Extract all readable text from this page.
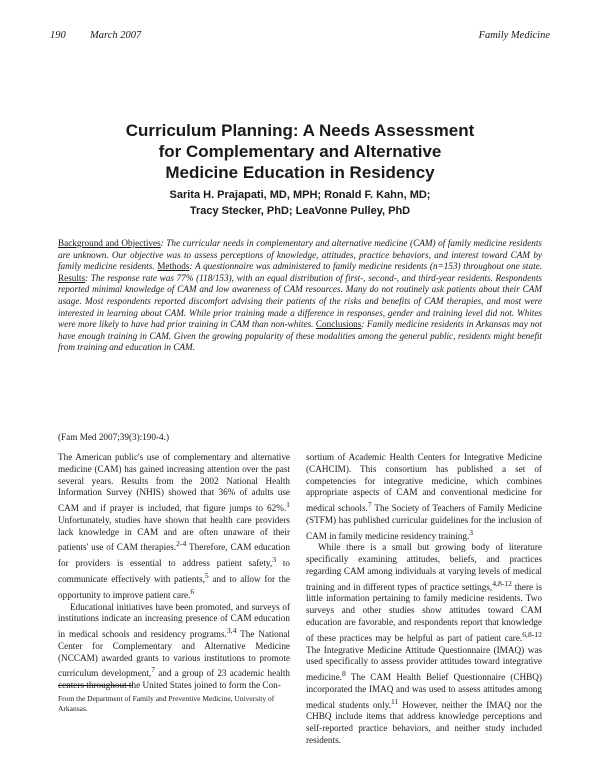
190 March 2007	Family Medicine
Curriculum Planning: A Needs Assessment
for Complementary and Alternative
Medicine Education in Residency
Sarita H. Prajapati, MD, MPH; Ronald F. Kahn, MD;
Tracy Stecker, PhD; LeaVonne Pulley, PhD
Background and Objectives: The curricular needs in complementary and alternative medicine (CAM) of family medicine residents are unknown. Our objective was to assess perceptions of knowledge, attitudes, practice behaviors, and interest toward CAM by family medicine residents. Methods: A questionnaire was administered to family medicine residents (n=153) throughout one state. Results: The response rate was 77% (118/153), with an equal distribution of first-, second-, and third-year residents. Respondents reported minimal knowledge of CAM and low awareness of CAM resources. Many do not routinely ask patients about their CAM usage. Most respondents reported discomfort advising their patients of the risks and benefits of CAM therapies, and most were interested in learning about CAM. While prior training made a difference in responses, gender and training level did not. Whites were more likely to have had prior training in CAM than non-whites. Conclusions: Family medicine residents in Arkansas may not have enough training in CAM. Given the growing popularity of these modalities among the general public, residents might benefit from training and education in CAM.
(Fam Med 2007;39(3):190-4.)

The American public's use of complementary and alternative medicine (CAM) has gained increasing attention over the past several years. Results from the 2002 National Health Information Survey (NHIS) showed that 36% of adults use CAM and if prayer is included, that figure jumps to 62%.$^1$ Unfortunately, studies have shown that health care providers lack knowledge in CAM and are often unaware of their patients' use of CAM therapies.$^{2-4}$ Therefore, CAM education for providers is essential to address patient safety,$^3$ to communicate effectively with patients,$^5$ and to allow for the opportunity to improve patient care.$^6$

Educational initiatives have been promoted, and surveys of institutions indicate an increasing presence of CAM education in medical schools and residency programs.$^{3,4}$ The National Center for Complementary and Alternative Medicine (NCCAM) awarded grants to various institutions to promote curriculum development,$^7$ and a group of 23 academic health centers throughout the United States joined to form the Con-

sortium of Academic Health Centers for Integrative Medicine (CAHCIM). This consortium has published a set of competencies for integrative medicine, which combines appropriate aspects of CAM and conventional medicine for medical schools.$^7$ The Society of Teachers of Family Medicine (STFM) has published curricular guidelines for the inclusion of CAM in family medicine residency training.$^3$

While there is a small but growing body of literature specifically examining attitudes, beliefs, and practices regarding CAM among individuals at varying levels of medical training and in different types of practice settings,$^{4,8-12}$ there is little information pertaining to family medicine residents. Two surveys and other studies show attitudes toward CAM education are favorable, and respondents report that knowledge of these practices may be helpful as part of patient care.$^{6,8-12}$ The Integrative Medicine Attitude Questionnaire (IMAQ) was used specifically to assess provider attitudes toward integrative medicine.$^8$ The CAM Health Belief Questionnaire (CHBQ) incorporated the IMAQ and was used to assess attitudes among medical students only.$^{11}$ However, neither the IMAQ nor the CHBQ include items that address knowledge perceptions and self-reported practice behaviors, and neither study included residents.

From the Department of Family and Preventive Medicine, University of Arkansas.
